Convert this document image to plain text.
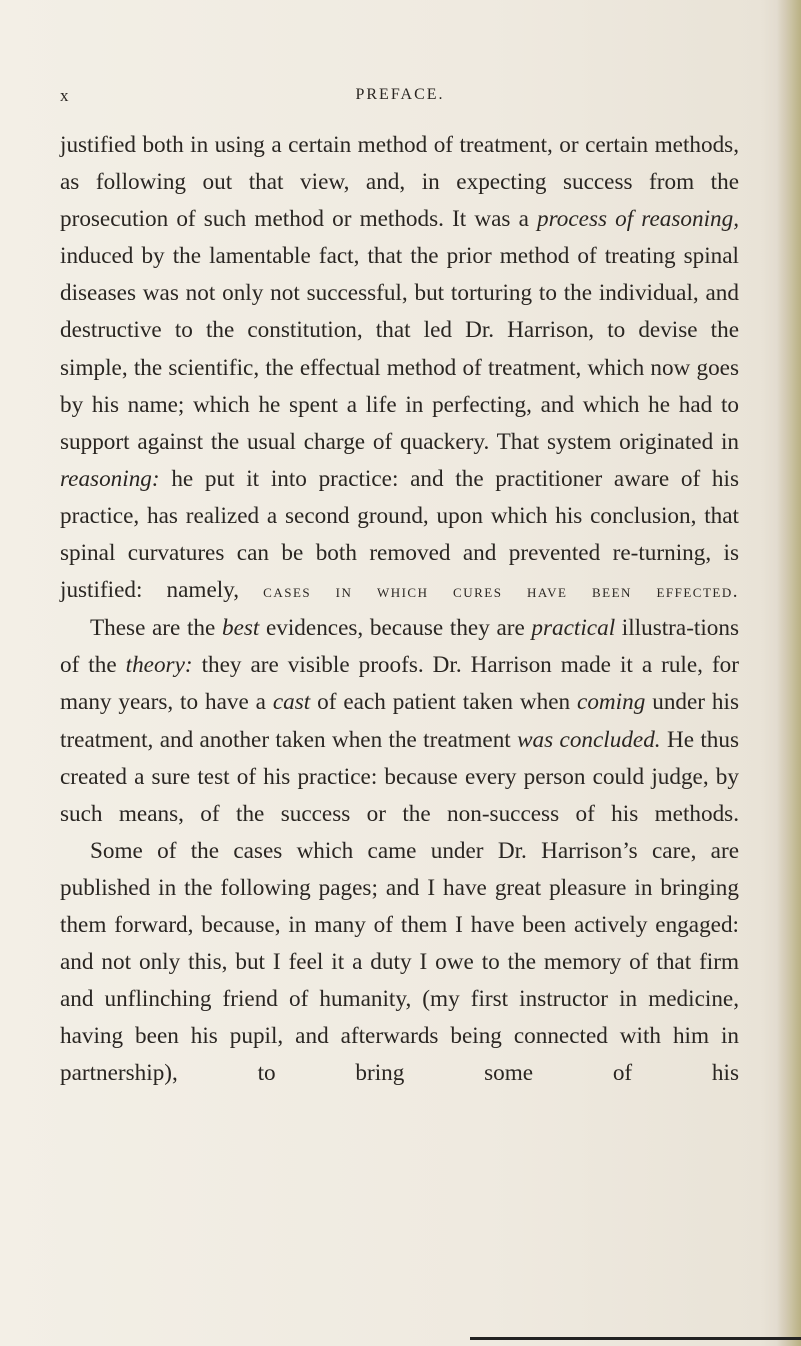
x	PREFACE.

justified both in using a certain method of treatment, or certain methods, as following out that view, and, in expecting success from the prosecution of such method or methods. It was a process of reasoning, induced by the lamentable fact, that the prior method of treating spinal diseases was not only not successful, but torturing to the individual, and destructive to the constitution, that led Dr. Harrison, to devise the simple, the scientific, the effectual method of treatment, which now goes by his name; which he spent a life in perfecting, and which he had to support against the usual charge of quackery. That system originated in reasoning: he put it into practice: and the practitioner aware of his practice, has realized a second ground, upon which his conclusion, that spinal curvatures can be both removed and prevented re-turning, is justified: namely, cases in which cures have been effected.

These are the best evidences, because they are practical illustra-tions of the theory: they are visible proofs. Dr. Harrison made it a rule, for many years, to have a cast of each patient taken when coming under his treatment, and another taken when the treatment was concluded. He thus created a sure test of his practice: because every person could judge, by such means, of the success or the non-success of his methods.

Some of the cases which came under Dr. Harrison’s care, are published in the following pages; and I have great pleasure in bringing them forward, because, in many of them I have been actively engaged: and not only this, but I feel it a duty I owe to the memory of that firm and unflinching friend of humanity, (my first instructor in medicine, having been his pupil, and afterwards being connected with him in partnership), to bring some of his
